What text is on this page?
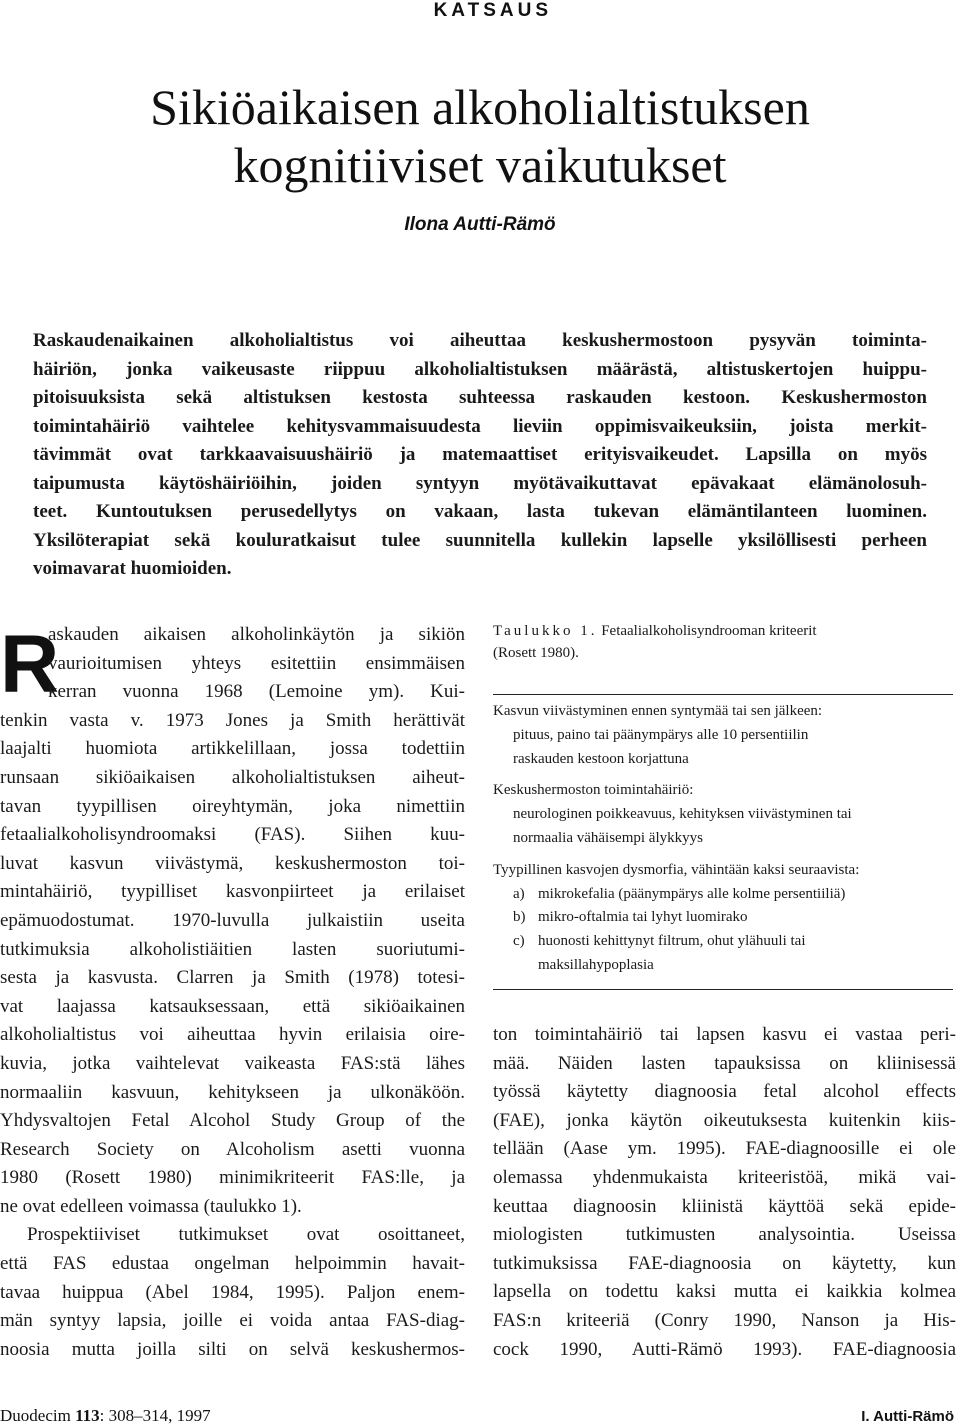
KATSAUS
Sikiöaikaisen alkoholialtistuksen
kognitiiviset vaikutukset
Ilona Autti-Rämö
Raskaudenaikainen alkoholialtistus voi aiheuttaa keskushermostoon pysyvän toiminta-
häiriön, jonka vaikeusaste riippuu alkoholialtistuksen määrästä, altistuskertojen huippu-
pitoisuuksista sekä altistuksen kestosta suhteessa raskauden kestoon. Keskushermoston
toimintahäiriö vaihtelee kehitysvammaisuudesta lieviin oppimisvaikeuksiin, joista merkit-
tävimmät ovat tarkkaavaisuushäiriö ja matemaattiset erityisvaikeudet. Lapsilla on myös
taipumusta käytöshäiriöihin, joiden syntyyn myötävaikuttavat epävakaat elämänolosuh-
teet. Kuntoutuksen perusedellytys on vakaan, lasta tukevan elämäntilanteen luominen.
Yksilöterapiat sekä kouluratkaisut tulee suunnitella kullekin lapselle yksilöllisesti perheen
voimavarat huomioiden.
R
askauden aikaisen alkoholinkäytön ja sikiön
vaurioitumisen yhteys esitettiin ensimmäisen
kerran vuonna 1968 (Lemoine ym). Kui-
tenkin vasta v. 1973 Jones ja Smith herättivät
laajalti huomiota artikkelillaan, jossa todettiin
runsaan sikiöaikaisen alkoholialtistuksen aiheut-
tavan tyypillisen oireyhtymän, joka nimettiin
fetaalialkoholisyndroomaksi (FAS). Siihen kuu-
luvat kasvun viivästymä, keskushermoston toi-
mintahäiriö, tyypilliset kasvonpiirteet ja erilaiset
epämuodostumat. 1970-luvulla julkaistiin useita
tutkimuksia alkoholistiäitien lasten suoriutumi-
sesta ja kasvusta. Clarren ja Smith (1978) totesi-
vat laajassa katsauksessaan, että sikiöaikainen
alkoholialtistus voi aiheuttaa hyvin erilaisia oire-
kuvia, jotka vaihtelevat vaikeasta FAS:stä lähes
normaaliin kasvuun, kehitykseen ja ulkonäköön.
Yhdysvaltojen Fetal Alcohol Study Group of the
Research Society on Alcoholism asetti vuonna
1980 (Rosett 1980) minimikriteerit FAS:lle, ja
ne ovat edelleen voimassa (taulukko 1).
Prospektiiviset tutkimukset ovat osoittaneet,
että FAS edustaa ongelman helpoimmin havait-
tavaa huippua (Abel 1984, 1995). Paljon enem-
män syntyy lapsia, joille ei voida antaa FAS-diag-
noosia mutta joilla silti on selvä keskushermos-
Taulukko 1. Fetaalialkoholisyndrooman kriteerit
(Rosett 1980).
Kasvun viivästyminen ennen syntymää tai sen jälkeen:
pituus, paino tai päänympärys alle 10 persentiilin
raskauden kestoon korjattuna
Keskushermoston toimintahäiriö:
neurologinen poikkeavuus, kehityksen viivästyminen tai
normaalia vähäisempi älykkyys
Tyypillinen kasvojen dysmorfia, vähintään kaksi seuraavista:
a) mikrokefalia (päänympärys alle kolme persentiiliä)
b) mikro-oftalmia tai lyhyt luomirako
c) huonosti kehittynyt filtrum, ohut ylähuuli tai
maksillahypoplasia
ton toimintahäiriö tai lapsen kasvu ei vastaa peri-
mää. Näiden lasten tapauksissa on kliinisessä
työssä käytetty diagnoosia fetal alcohol effects
(FAE), jonka käytön oikeutuksesta kuitenkin kiis-
tellään (Aase ym. 1995). FAE-diagnoosille ei ole
olemassa yhdenmukaista kriteeristöä, mikä vai-
keuttaa diagnoosin kliinistä käyttöä sekä epide-
miologisten tutkimusten analysointia. Useissa
tutkimuksissa FAE-diagnoosia on käytetty, kun
lapsella on todettu kaksi mutta ei kaikkia kolmea
FAS:n kriteeriä (Conry 1990, Nanson ja His-
cock 1990, Autti-Rämö 1993). FAE-diagnoosia
Duodecim 113: 308–314, 1997	I. Autti-Rämö
